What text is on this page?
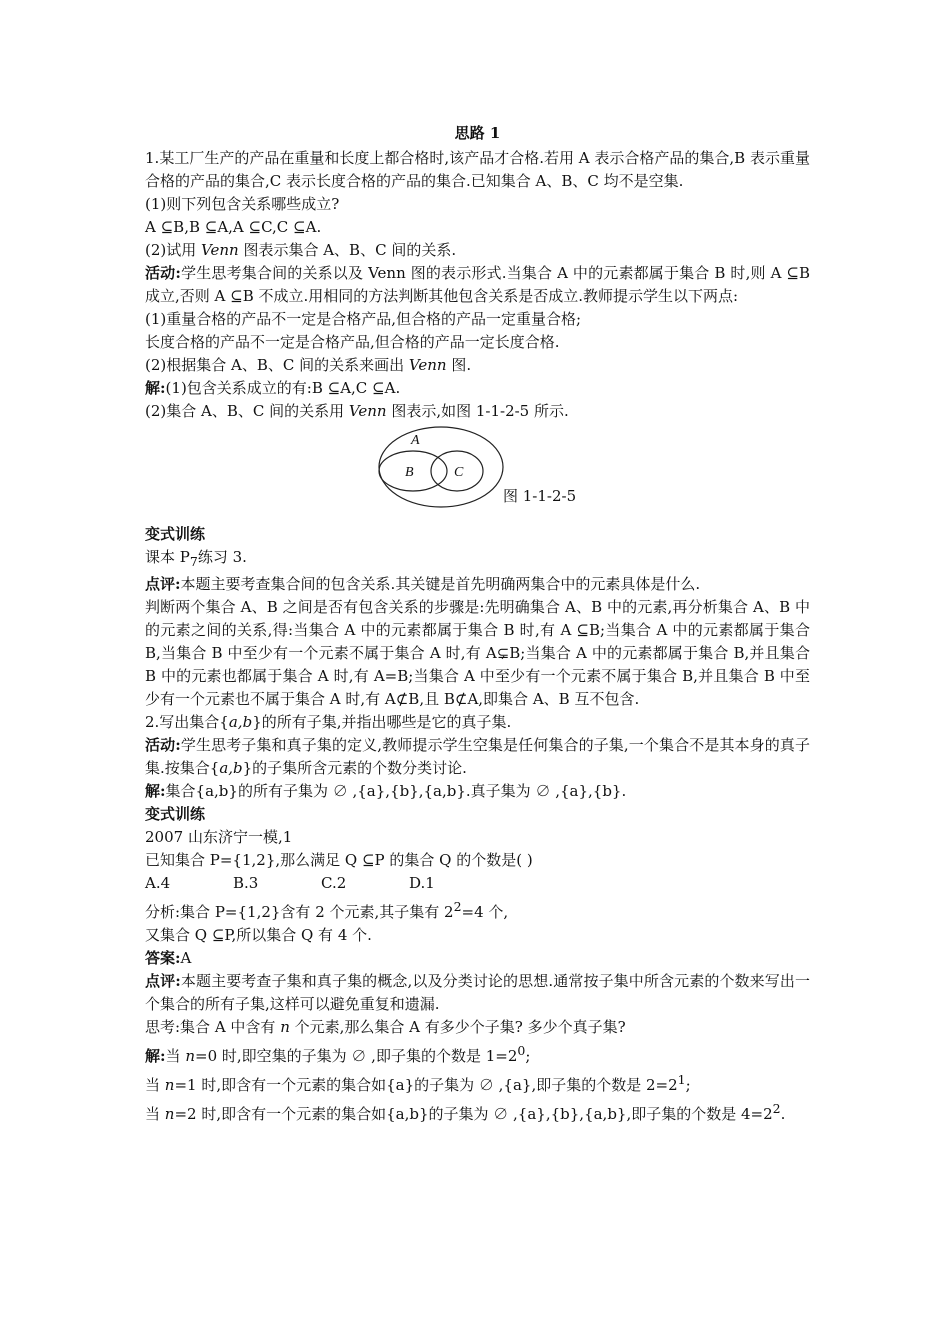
思路 1

1.某工厂生产的产品在重量和长度上都合格时,该产品才合格.若用 A 表示合格产品的集合,B 表示重量合格的产品的集合,C 表示长度合格的产品的集合.已知集合 A、B、C 均不是空集.

(1)则下列包含关系哪些成立?

A ⊆B,B ⊆A,A ⊆C,C ⊆A.

(2)试用 Venn 图表示集合 A、B、C 间的关系.

活动:学生思考集合间的关系以及 Venn 图的表示形式.当集合 A 中的元素都属于集合 B 时,则 A ⊆B 成立,否则 A ⊆B 不成立.用相同的方法判断其他包含关系是否成立.教师提示学生以下两点:

(1)重量合格的产品不一定是合格产品,但合格的产品一定重量合格;

长度合格的产品不一定是合格产品,但合格的产品一定长度合格.

(2)根据集合 A、B、C 间的关系来画出 Venn 图.

解:(1)包含关系成立的有:B ⊆A,C ⊆A.

(2)集合 A、B、C 间的关系用 Venn 图表示,如图 1-1-2-5 所示.

A
B	C
图 1-1-2-5

变式训练

课本 $P_7$练习 3.

点评:本题主要考查集合间的包含关系.其关键是首先明确两集合中的元素具体是什么.

判断两个集合 A、B 之间是否有包含关系的步骤是:先明确集合 A、B 中的元素,再分析集合 A、B 中的元素之间的关系,得:当集合 A 中的元素都属于集合 B 时,有 A ⊆B;当集合 A 中的元素都属于集合 B,当集合 B 中至少有一个元素不属于集合 A 时,有 A⊊B;当集合 A 中的元素都属于集合 B,并且集合 B 中的元素也都属于集合 A 时,有 A=B;当集合 A 中至少有一个元素不属于集合 B,并且集合 B 中至少有一个元素也不属于集合 A 时,有 A⊄B,且 B⊄A,即集合 A、B 互不包含.

2.写出集合{a,b}的所有子集,并指出哪些是它的真子集.

活动:学生思考子集和真子集的定义,教师提示学生空集是任何集合的子集,一个集合不是其本身的真子集.按集合{a,b}的子集所含元素的个数分类讨论.

解:集合{a,b}的所有子集为 ∅ ,{a},{b},{a,b}.真子集为 ∅ ,{a},{b}.

变式训练

2007 山东济宁一模,1

已知集合 P={1,2},那么满足 Q ⊆P 的集合 Q 的个数是( )

A.4	B.3	C.2	D.1

分析:集合 P={1,2}含有 2 个元素,其子集有 $2^2=4$ 个,

又集合 Q ⊆P,所以集合 Q 有 4 个.

答案:A

点评:本题主要考查子集和真子集的概念,以及分类讨论的思想.通常按子集中所含元素的个数来写出一个集合的所有子集,这样可以避免重复和遗漏.

思考:集合 A 中含有 n 个元素,那么集合 A 有多少个子集? 多少个真子集?

解:当 n=0 时,即空集的子集为 ∅ ,即子集的个数是 $1=2^0$;

当 n=1 时,即含有一个元素的集合如{a}的子集为 ∅ ,{a},即子集的个数是 $2=2^1$;

当 n=2 时,即含有一个元素的集合如{a,b}的子集为 ∅ ,{a},{b},{a,b},即子集的个数是 $4=2^2$.
